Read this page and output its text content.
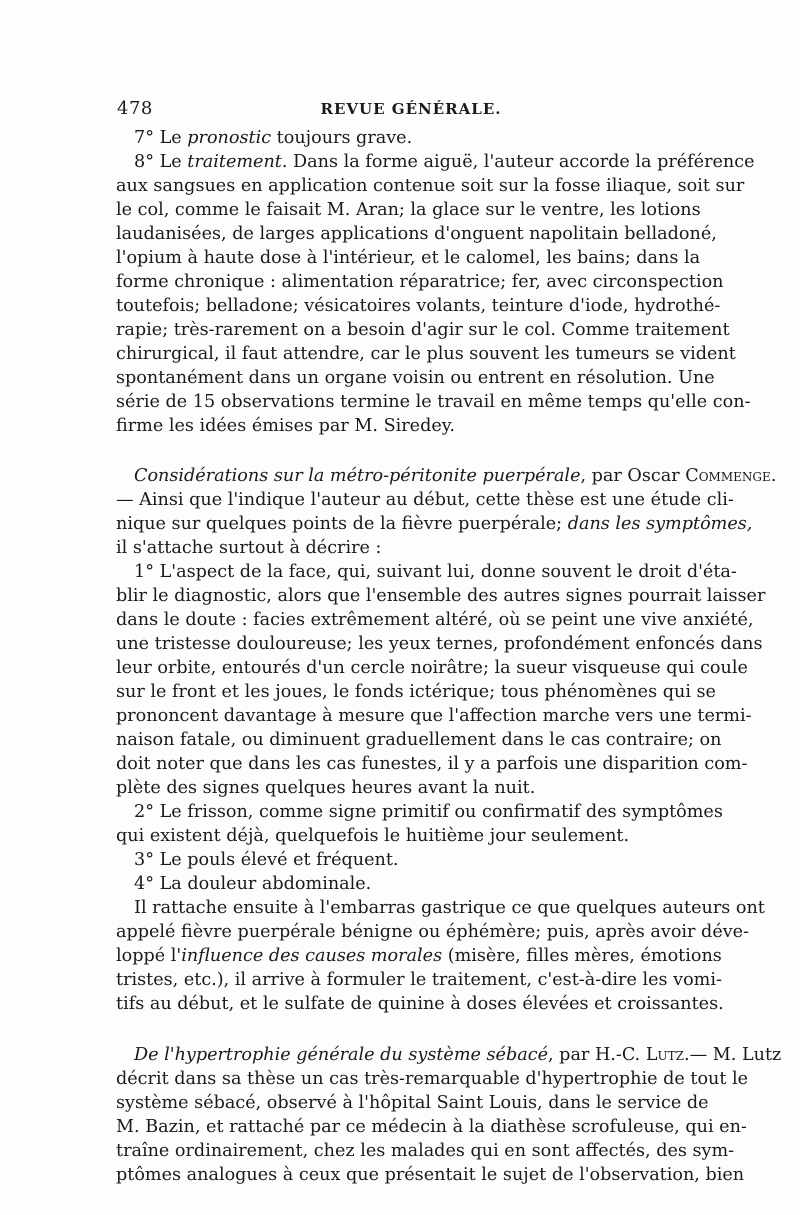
478	REVUE GÉNÉRALE.
7° Le pronostic toujours grave.
8° Le traitement. Dans la forme aiguë, l'auteur accorde la préférence
aux sangsues en application contenue soit sur la fosse iliaque, soit sur
le col, comme le faisait M. Aran; la glace sur le ventre, les lotions
laudanisées, de larges applications d'onguent napolitain belladoné,
l'opium à haute dose à l'intérieur, et le calomel, les bains; dans la
forme chronique : alimentation réparatrice; fer, avec circonspection
toutefois; belladone; vésicatoires volants, teinture d'iode, hydrothé-
rapie; très-rarement on a besoin d'agir sur le col. Comme traitement
chirurgical, il faut attendre, car le plus souvent les tumeurs se vident
spontanément dans un organe voisin ou entrent en résolution. Une
série de 15 observations termine le travail en même temps qu'elle con-
firme les idées émises par M. Siredey.
Considérations sur la métro-péritonite puerpérale, par Oscar Commenge.
— Ainsi que l'indique l'auteur au début, cette thèse est une étude cli-
nique sur quelques points de la fièvre puerpérale; dans les symptômes,
il s'attache surtout à décrire :
1° L'aspect de la face, qui, suivant lui, donne souvent le droit d'éta-
blir le diagnostic, alors que l'ensemble des autres signes pourrait laisser
dans le doute : facies extrêmement altéré, où se peint une vive anxiété,
une tristesse douloureuse; les yeux ternes, profondément enfoncés dans
leur orbite, entourés d'un cercle noirâtre; la sueur visqueuse qui coule
sur le front et les joues, le fonds ictérique; tous phénomènes qui se
prononcent davantage à mesure que l'affection marche vers une termi-
naison fatale, ou diminuent graduellement dans le cas contraire; on
doit noter que dans les cas funestes, il y a parfois une disparition com-
plète des signes quelques heures avant la nuit.
2° Le frisson, comme signe primitif ou confirmatif des symptômes
qui existent déjà, quelquefois le huitième jour seulement.
3° Le pouls élevé et fréquent.
4° La douleur abdominale.
Il rattache ensuite à l'embarras gastrique ce que quelques auteurs ont
appelé fièvre puerpérale bénigne ou éphémère; puis, après avoir déve-
loppé l'influence des causes morales (misère, filles mères, émotions
tristes, etc.), il arrive à formuler le traitement, c'est-à-dire les vomi-
tifs au début, et le sulfate de quinine à doses élevées et croissantes.
De l'hypertrophie générale du système sébacé, par H.-C. Lutz.— M. Lutz
décrit dans sa thèse un cas très-remarquable d'hypertrophie de tout le
système sébacé, observé à l'hôpital Saint Louis, dans le service de
M. Bazin, et rattaché par ce médecin à la diathèse scrofuleuse, qui en-
traîne ordinairement, chez les malades qui en sont affectés, des sym-
ptômes analogues à ceux que présentait le sujet de l'observation, bien
